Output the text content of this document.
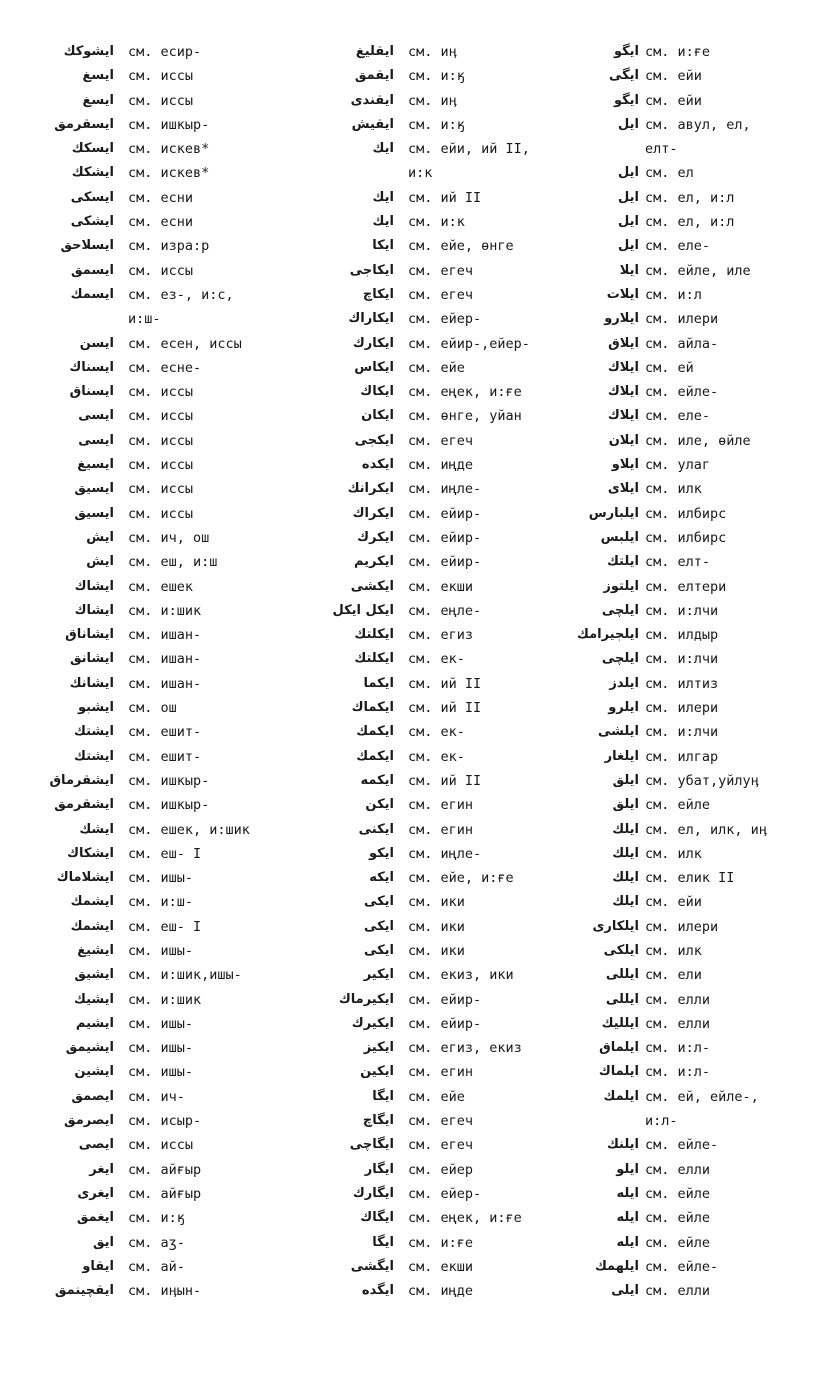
ایشوکك	см. есир-
ایسغ	см. иссы
ایسغ	см. иссы
ایسقرمق	см. ишкыр-
ایسكك	см. искев*
ایشكك	см. искев*
ایسکی	см. есни
ایشکی	см. есни
ایسلاحق	см. изра:р
ایسمق	см. иссы
ایسمك	см. ез-, и:с,
и:ш-
ایسن	см. есен, иссы
ایسناك	см. есне-
ایسناق	см. иссы
ایسی	см. иссы
ایسی	см. иссы
ایسیغ	см. иссы
ایسیق	см. иссы
ایسیق	см. иссы
ایش	см. ич, ош
ایش	см. еш, и:ш
ایشاك	см. ешек
ایشاك	см. и:шик
ایشاناق	см. ишан-
ایشانق	см. ишан-
ایشانك	см. ишан-
ایشبو	см. ош
ایشتك	см. ешит-
ایشتك	см. ешит-
ایشقرماق	см. ишкыр-
ایشقرمق	см. ишкыр-
ایشك	см. ешек, и:шик
ایشكاك	см. еш- I
ایشلاماك	см. ишы-
ایشمك	см. и:ш-
ایشمك	см. еш- I
ایشیغ	см. ишы-
ایشیق	см. и:шик,ишы-
ایشیك	см. и:шик
ایشیم	см. ишы-
ایشیمق	см. ишы-
ایشین	см. ишы-
ایصمق	см. ич-
ایصرمق	см. исыр-
ایصی	см. иссы
ایغر	см. айғыр
ایغری	см. айғыр
ایغمق	см. и:ӄ
ایق	см. аӡ-
ایقاو	см. ай-
ایقچینمق	см. иӊын-
ایقلیغ	см. иӊ
ایقمق	см. и:ӄ
ایقندی	см. иӊ
ایقیش	см. и:ӄ
ایك	см. ейи, ий II,
и:к
ایك	см. ий II
ایك	см. и:к
ایكا	см. ейе, өнге
ایكاجی	см. егеч
ایكاچ	см. егеч
ایكاراك	см. ейер-
ایكارك	см. ейир-,ейер-
ایكاس	см. ейе
ایكاك	см. еңек, и:ғе
ایكان	см. өнге, уйан
ایكجی	см. егеч
ایكده	см. иңде
ایكرانك	см. иңле-
ایكراك	см. ейир-
ایكرك	см. ейир-
ایكریم	см. ейир-
ایكشی	см. екши
ایكل ایكل	см. еңле-
ایكلتك	см. егиз
ایكلتك	см. ек-
ایكما	см. ий II
ایكماك	см. ий II
ایكمك	см. ек-
ایكمك	см. ек-
ایكمه	см. ий II
ایكن	см. егин
ایكنی	см. егин
ایكو	см. иңле-
ایكه	см. ейе, и:ғе
ایكی	см. ики
ایكی	см. ики
ایكی	см. ики
ایكیر	см. екиз, ики
ایكیرماك	см. ейир-
ایكیرك	см. ейир-
ایكیز	см. егиз, екиз
ایكین	см. егин
ایگا	см. ейе
ایگاچ	см. егеч
ایگاچی	см. егеч
ایگار	см. ейер
ایگارك	см. ейер-
ایگاك	см. еңек, и:ғе
ایگا	см. и:ғе
ایگشی	см. екши
ایگده	см. иңде
ایگو см. и:ғе
ایگی см. ейи
ایگو см. ейи
ایل см. авул, ел,
елт-
ایل см. ел
ایل см. ел, и:л
ایل см. ел, и:л
ایل см. еле-
ایلا см. ейле, иле
ایلات см. и:л
ایلارو см. илери
ایلاق см. айла-
ایلاك см. ей
ایلاك см. ейле-
ایلاك см. еле-
ایلان см. иле, өйле
ایلاو см. улаг
ایلای см. илк
ایلبارس см. илбирс
ایلبس см. илбирс
ایلتك см. елт-
ایلتوز см. елтери
ایلچی см. и:лчи
ایلجیرامك см. илдыр
ایلچی см. и:лчи
ایلدز см. илтиз
ایلرو см. илери
ایلشی см. и:лчи
ایلغار см. илгар
ایلق см. убат,уйлуӊ
ایلق см. ейле
ایلك см. ел, илк, иӊ
ایلك см. илк
ایلك см. елик II
ایلك см. ейи
ایلکاری см. илери
ایلکی см. илк
ایللی см. ели
ایللی см. елли
ایللیك см. елли
ایلماق см. и:л-
ایلماك см. и:л-
ایلمك см. ей, ейле-,
и:л-
ایلنك см. ейле-
ایلو см. елли
ایله см. ейле
ایله см. ейле
ایله см. ейле
ایلهمك см. ейле-
ایلی см. елли
